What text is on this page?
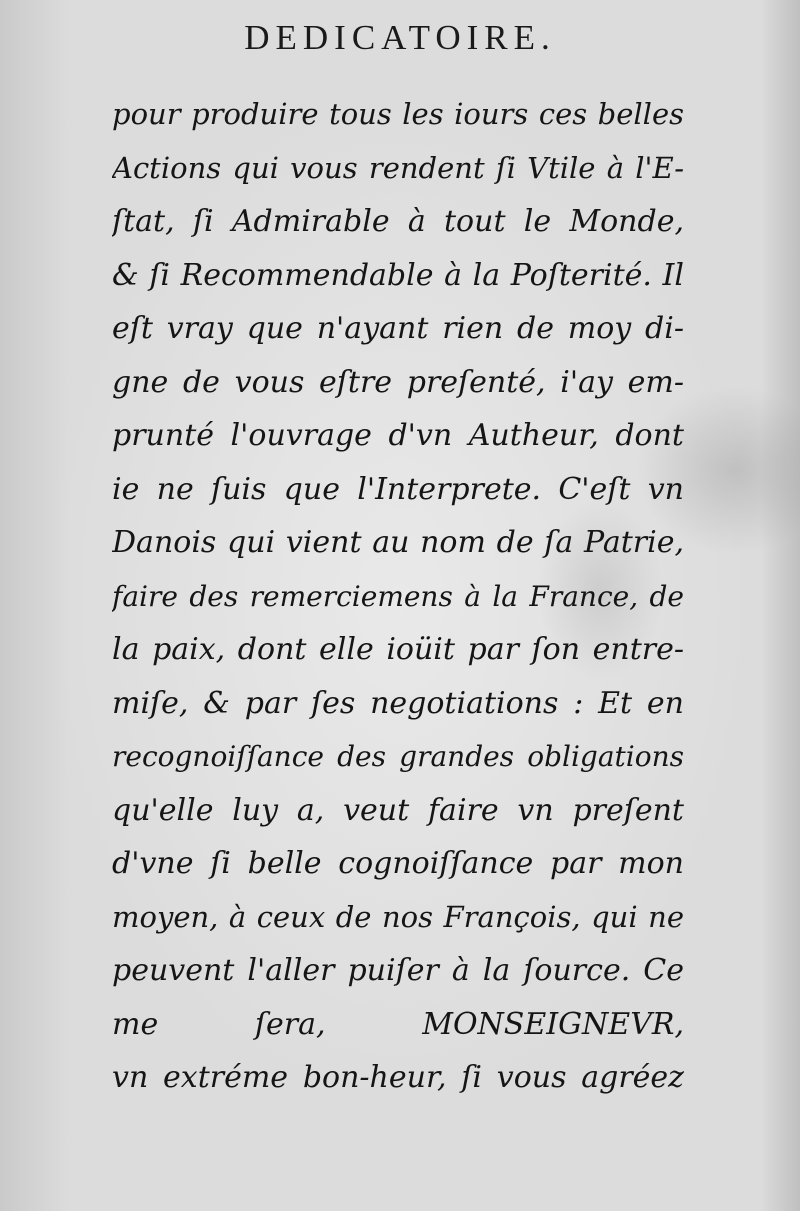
DEDICATOIRE.
pour produire tous les iours ces belles
Actions qui vous rendent ſi Vtile à l'E-
ſtat, ſi Admirable à tout le Monde,
& ſi Recommendable à la Poſterité. Il
eſt vray que n'ayant rien de moy di-
gne de vous eſtre preſenté, i'ay em-
prunté l'ouvrage d'vn Autheur, dont
ie ne ſuis que l'Interprete. C'eſt vn
Danois qui vient au nom de ſa Patrie,
faire des remerciemens à la France, de
la paix, dont elle ioüit par ſon entre-
miſe, & par ſes negotiations : Et en
recognoiſſance des grandes obligations
qu'elle luy a, veut faire vn preſent
d'vne ſi belle cognoiſſance par mon
moyen, à ceux de nos François, qui ne
peuvent l'aller puiſer à la ſource. Ce
me ſera, MONSEIGNEVR,
vn extréme bon-heur, ſi vous agréez
